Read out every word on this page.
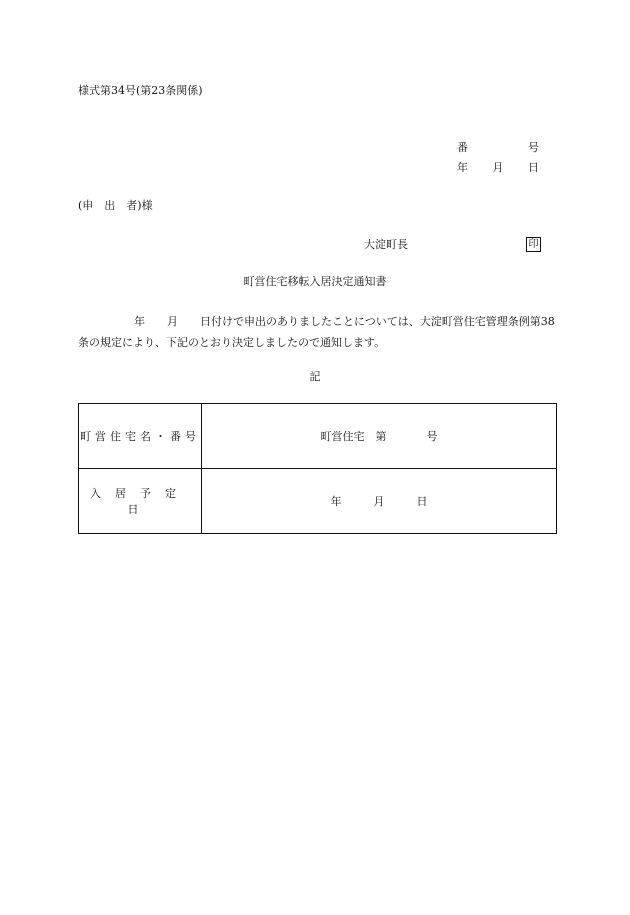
様式第34号(第23条関係)
番	号
年 月 日
(申　出　者)様
大淀町長	印
町営住宅移転入居決定通知書
年 月 日付けで申出のありましたことについては、大淀町営住宅管理条例第38条の規定により、下記のとおり決定しましたので通知します。
記
町営住宅名・番号	町営住宅　第 号
入居予定日	年 月 日
